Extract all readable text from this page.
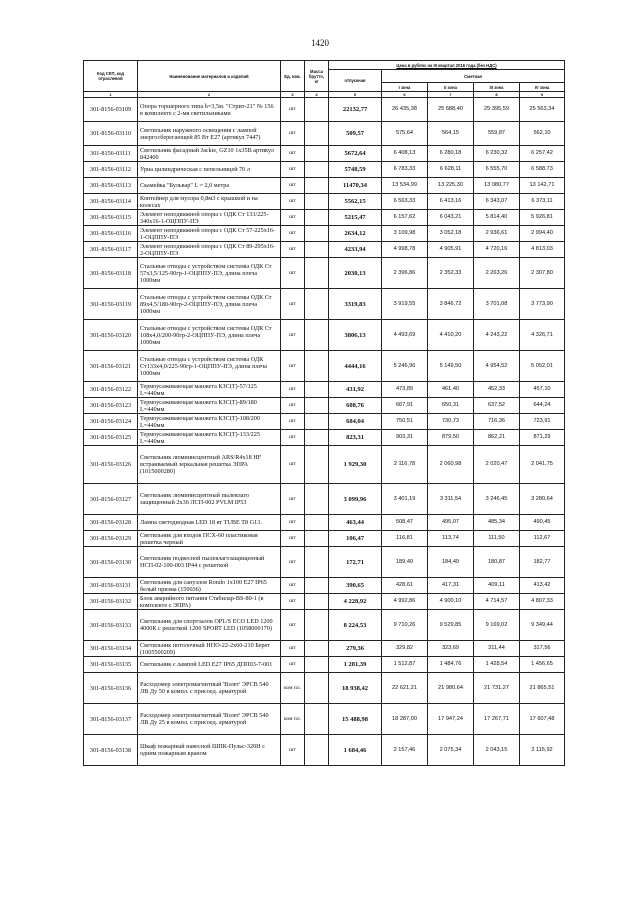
1420
Код СКП, код отраслевой	Наименование материалов и изделий	Ед. изм.	Масса брутто, кг	Цена в рублях на III квартал 2016 года (без НДС)				
				отпускная	Сметная			
					I зона	II зона	III зона	IV зона
1	2	3	4	5	6	7	8	9
301-8156-03109	Опора торшерного типа h=3,5м. "Стрит-21" № 156 в комплекте с 2-мя светильниками	шт		22132,77	26 435,38	25 688,40	25 395,59	25 563,34
301-8156-03110	Светильник наружного освещения с лампой энергосберегающей 85 Вт Е27 (артикул 7447)	шт		509,57	575,64	564,15	559,87	562,10
301-8156-03111	Светильник фасадный Jackie, GZ10 1х35В артикул 842400	шт		5672,64	6 408,13	6 280,18	6 230,32	6 257,42
301-8156-03112	Урна цилиндрическая с пепельницей 70 л	шт		5748,59	6 783,33	6 628,11	6 555,70	6 588,73
301-8156-03113	Скамейка "Бульвар" L = 2,0 метра	шт		11470,34	13 534,99	13 225,30	13 080,77	13 142,71
301-8156-03114	Контейнер для мусора 0,8м3 с крышкой и на колесах	шт		5562,15	6 563,33	6 413,16	6 343,07	6 373,11
301-8156-03115	Элемент неподвижной опоры с ОДК Ст 133/225-340х16-1-ОЦППУ-ПЭ	шт		5215,47	6 157,62	6 043,21	5 814,40	5 926,81
301-8156-03116	Элемент неподвижной опоры с ОДК Ст 57-225х16-1-ОЦППУ-ПЭ	шт		2634,12	3 109,98	3 052,18	2 936,61	2 994,40
301-8156-03117	Элемент неподвижной опоры с ОДК Ст 89-295х16-2-ОЦППУ-ПЭ	шт		4233,94	4 998,78	4 905,91	4 720,16	4 813,03
301-8156-03118	Стальные отводы с устройством системы ОДК Ст 57х3,5/125-90гр-1-ОЦППУ-ПЭ, длина плеча 1000мм	шт		2030,13	2 396,86	2 352,33	2 263,26	2 307,80
301-8156-03119	Стальные отводы с устройством системы ОДК Ст 89х4,5/180-90гр-2-ОЦППУ-ПЭ, длина плеча 1000мм	шт		3319,83	3 919,55	3 846,72	3 701,08	3 773,90
301-8156-03120	Стальные отводы с устройством системы ОДК Ст 108х4,0/200-90гр-2-ОЦППУ-ПЭ, длина плеча 1000мм	шт		3806,13	4 493,69	4 410,20	4 243,22	4 326,71
301-8156-03121	Стальные отводы с устройством системы ОДК Ст133х4,0/225-90гр-1-ОЦППУ-ПЭ, длина плеча 1000мм	шт		4444,16	5 246,96	5 149,50	4 954,52	5 052,01
301-8156-03122	Термоусаживающая манжета КЗС(Т)-57/125 L=440мм	шт		431,92	473,89	461,40	452,33	457,10
301-8156-03123	Термоусаживающая манжета КЗС(Т)-89/180 L=440мм	шт		608,76	667,91	650,31	637,52	644,24
301-8156-03124	Термоусаживающая манжета КЗС(Т)-108/200 L=440мм	шт		684,04	750,51	730,73	716,36	723,91
301-8156-03125	Термоусаживающая манжета КЗС(Т)-133/225 L=440мм	шт		823,31	903,31	879,50	862,21	871,29
301-8156-03126	Светильник люминисцентный ARS/R4х18 HF встраиваемый зеркальная решетка ЭПРА (1015000280)	шт		1 929,30	2 116,78	2 060,98	2 020,47	2 041,75
301-8156-03127	Светильник люминисцентный пылевлаго защищенный 2х36 ЛСП-002 PVLM IP53	шт		3 099,96	3 401,19	3 311,54	3 246,45	3 280,64
301-8156-03128	Лампа светодиодная LED 18 вт TUBE T8 G13.	шт		463,44	508,47	495,07	485,34	490,45
301-8156-03129	Светильник для входов ПСХ-60 пластиковая решетка черный	шт		106,47	116,81	113,74	111,50	112,67
301-8156-03130	Светильник подвесной пылевлагозащищенный НСП-02-100-003 IP44 с решеткой	шт		172,71	189,49	184,49	180,87	182,77
301-8156-03131	Светильник для санузлов Rondo 1х100 Е27 IP65 белый призма (150036)	шт		390,65	428,61	417,31	409,11	413,42
301-8156-03132	Блок аварийного питания Стабилар-BS-80-1 (в комплекте с ЭПРА)	шт		4 228,92	4 992,86	4 900,10	4 714,57	4 807,33
301-8156-03133	Светильник для спортзалов OPL/S ECO LED 1200 4000К с решеткой 1200 SPORT LED (1058000170)	шт		8 224,53	9 710,26	9 529,85	9 169,02	9 349,44
301-8156-03134	Светильник потолочный НПО-22-2х60-210 Берет (1005500209)	шт		279,36	329,82	323,69	311,44	317,56
301-8156-03135	Светильник с лампой LED Е27 IP65 ДПП03-7-001	шт		1 281,39	1 512,87	1 484,76	1 428,54	1 456,65
301-8156-03136	Расходомер электромагнитный 'Взлет' ЭРСВ 540 ЛВ Ду 50 в компл. с присоед. арматурой	ком пл.		18 938,42	22 621,21	21 980,64	21 731,27	21 865,51
301-8156-03137	Расходомер электромагнитный 'Взлет' ЭРСВ 540 ЛВ Ду 25 в компл. с присоед. арматурой	ком пл.		15 488,98	18 287,00	17 947,24	17 267,71	17 607,48
301-8156-03138	Шкаф пожарный навесной ШПК-Пульс-320Н с одним пожарным краном	шт		1 684,46	2 157,46	2 075,34	2 043,15	2 115,92
